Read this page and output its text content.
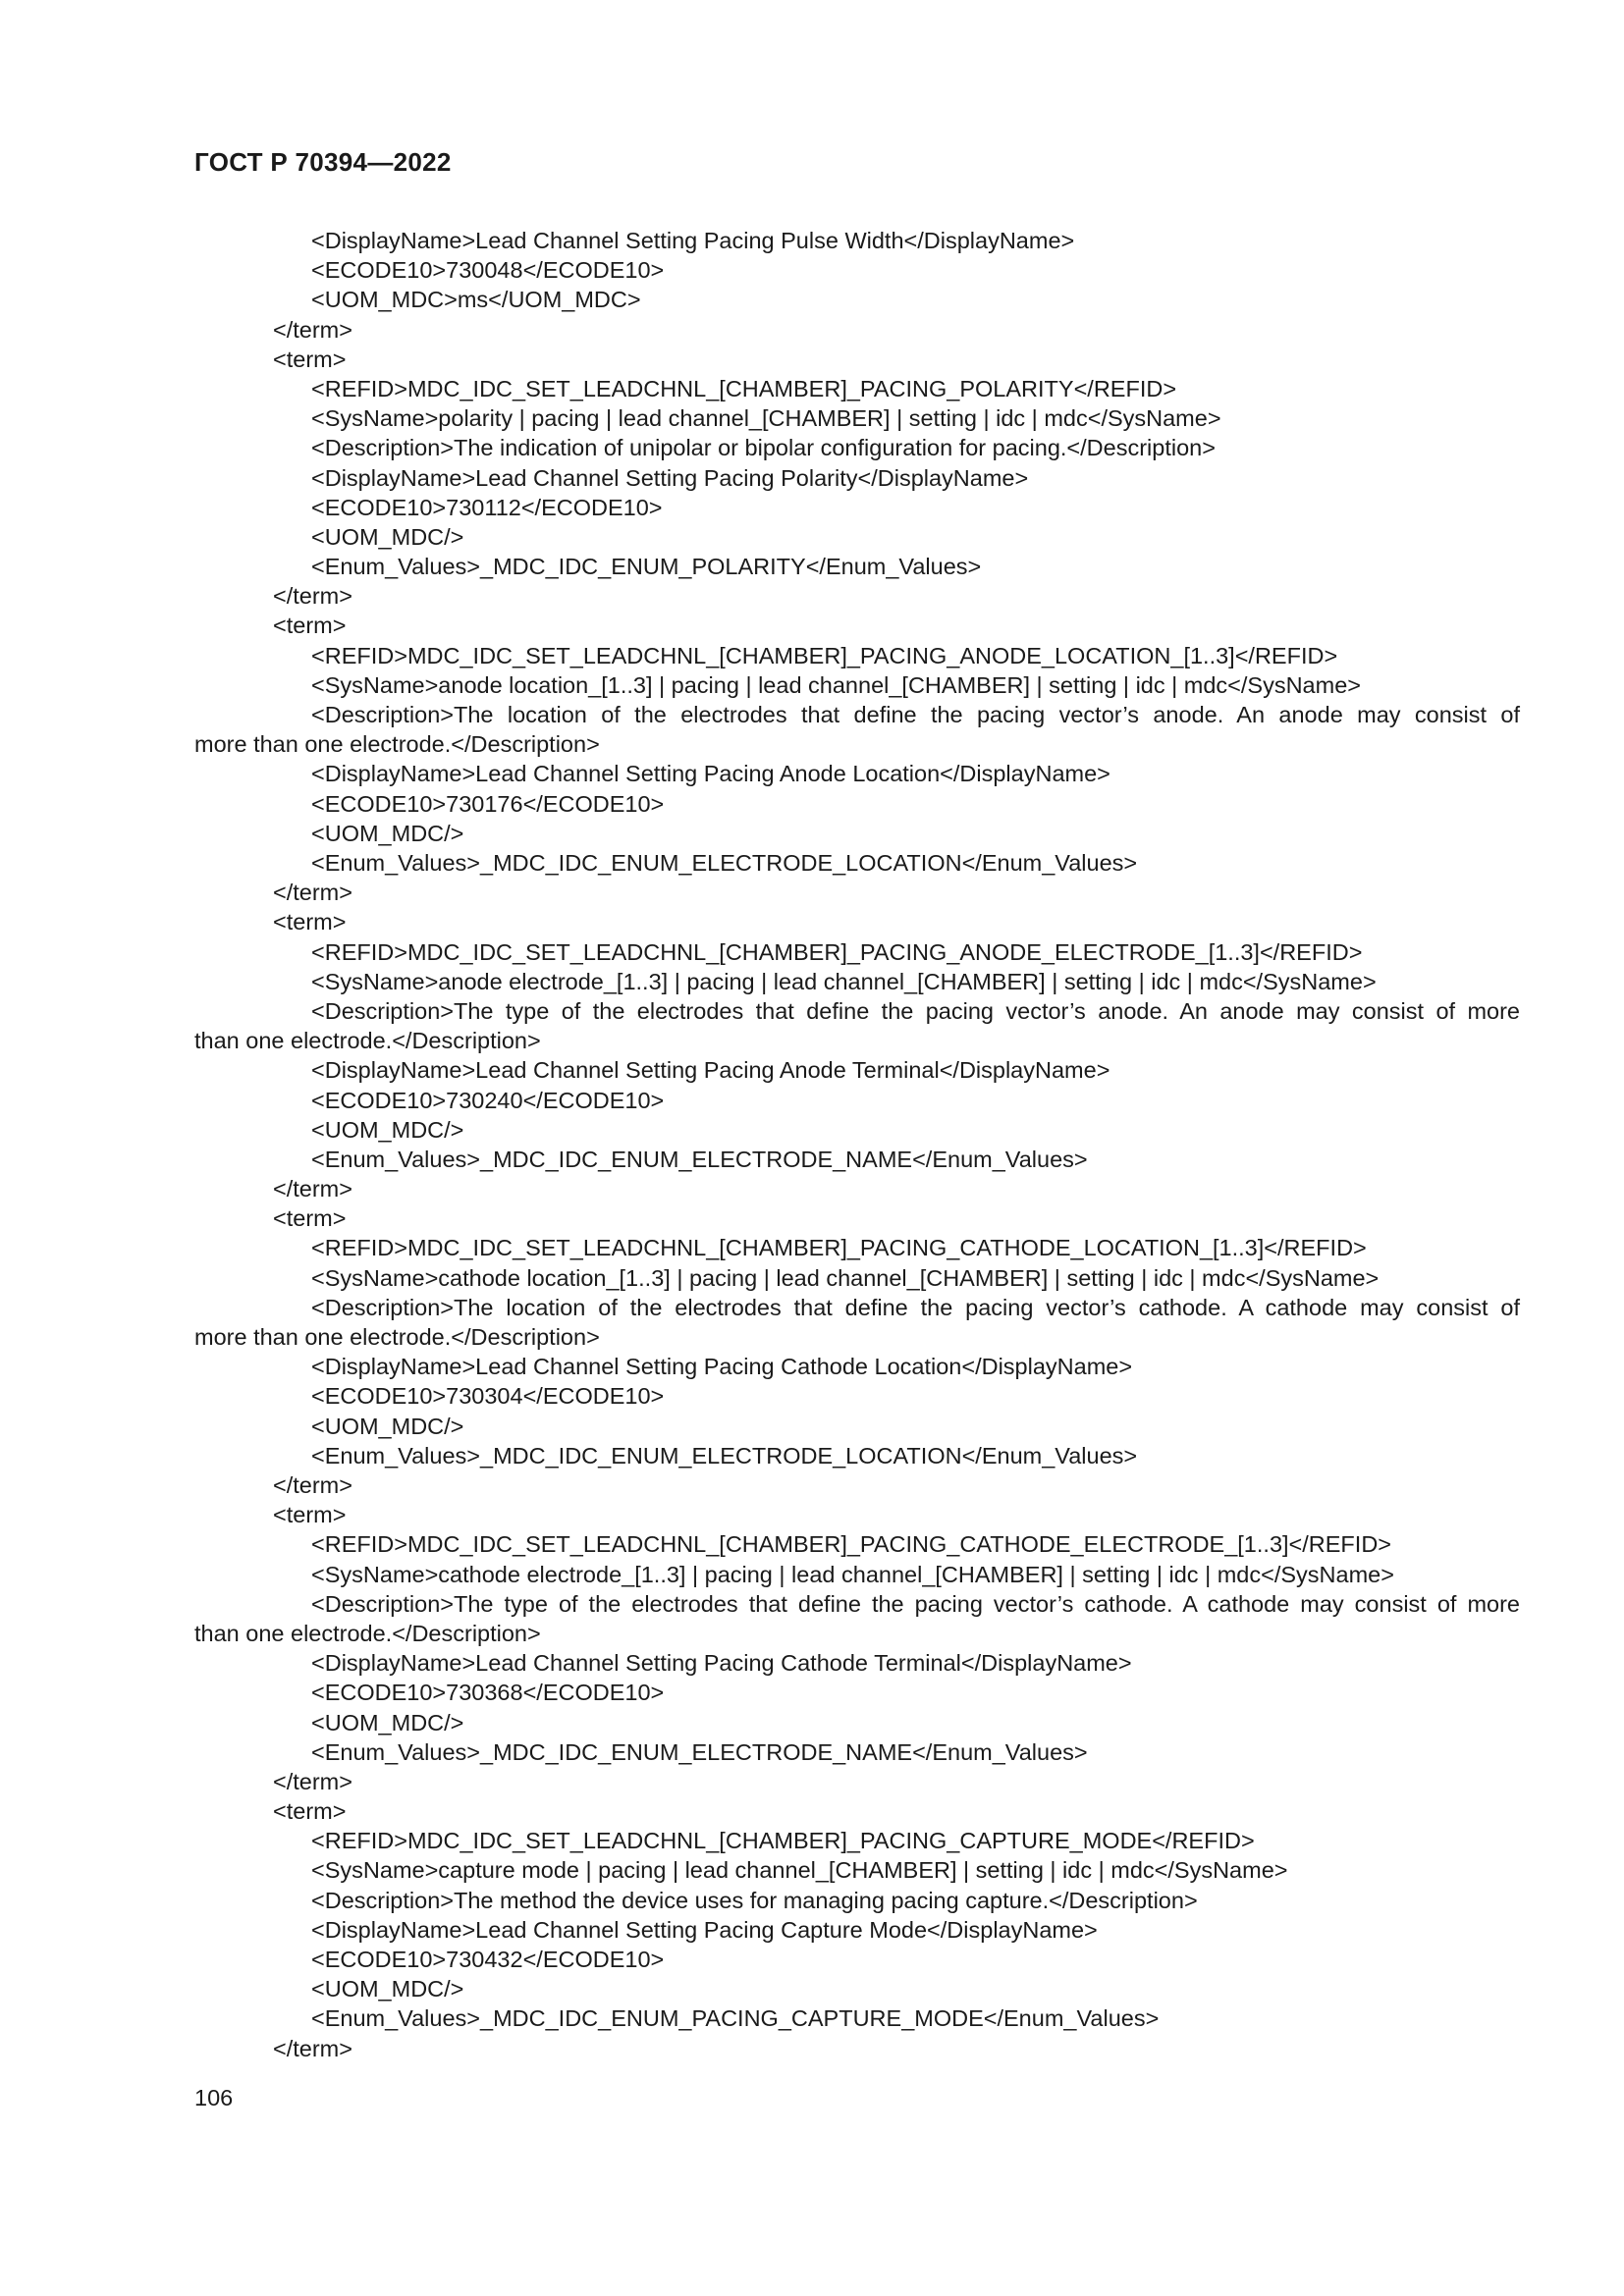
ГОСТ Р 70394—2022
<DisplayName>Lead Channel Setting Pacing Pulse Width</DisplayName>
<ECODE10>730048</ECODE10>
<UOM_MDC>ms</UOM_MDC>
</term>
<term>
<REFID>MDC_IDC_SET_LEADCHNL_[CHAMBER]_PACING_POLARITY</REFID>
<SysName>polarity | pacing | lead channel_[CHAMBER] | setting | idc | mdc</SysName>
<Description>The indication of unipolar or bipolar configuration for pacing.</Description>
<DisplayName>Lead Channel Setting Pacing Polarity</DisplayName>
<ECODE10>730112</ECODE10>
<UOM_MDC/>
<Enum_Values>_MDC_IDC_ENUM_POLARITY</Enum_Values>
</term>
<term>
<REFID>MDC_IDC_SET_LEADCHNL_[CHAMBER]_PACING_ANODE_LOCATION_[1..3]</REFID>
<SysName>anode location_[1..3] | pacing | lead channel_[CHAMBER] | setting | idc | mdc</SysName>
<Description>The location of the electrodes that define the pacing vector’s anode. An anode may consist of
more than one electrode.</Description>
<DisplayName>Lead Channel Setting Pacing Anode Location</DisplayName>
<ECODE10>730176</ECODE10>
<UOM_MDC/>
<Enum_Values>_MDC_IDC_ENUM_ELECTRODE_LOCATION</Enum_Values>
</term>
<term>
<REFID>MDC_IDC_SET_LEADCHNL_[CHAMBER]_PACING_ANODE_ELECTRODE_[1..3]</REFID>
<SysName>anode electrode_[1..3] | pacing | lead channel_[CHAMBER] | setting | idc | mdc</SysName>
<Description>The type of the electrodes that define the pacing vector’s anode. An anode may consist of more
than one electrode.</Description>
<DisplayName>Lead Channel Setting Pacing Anode Terminal</DisplayName>
<ECODE10>730240</ECODE10>
<UOM_MDC/>
<Enum_Values>_MDC_IDC_ENUM_ELECTRODE_NAME</Enum_Values>
</term>
<term>
<REFID>MDC_IDC_SET_LEADCHNL_[CHAMBER]_PACING_CATHODE_LOCATION_[1..3]</REFID>
<SysName>cathode location_[1..3] | pacing | lead channel_[CHAMBER] | setting | idc | mdc</SysName>
<Description>The location of the electrodes that define the pacing vector’s cathode. A cathode may consist of
more than one electrode.</Description>
<DisplayName>Lead Channel Setting Pacing Cathode Location</DisplayName>
<ECODE10>730304</ECODE10>
<UOM_MDC/>
<Enum_Values>_MDC_IDC_ENUM_ELECTRODE_LOCATION</Enum_Values>
</term>
<term>
<REFID>MDC_IDC_SET_LEADCHNL_[CHAMBER]_PACING_CATHODE_ELECTRODE_[1..3]</REFID>
<SysName>cathode electrode_[1..3] | pacing | lead channel_[CHAMBER] | setting | idc | mdc</SysName>
<Description>The type of the electrodes that define the pacing vector’s cathode. A cathode may consist of more
than one electrode.</Description>
<DisplayName>Lead Channel Setting Pacing Cathode Terminal</DisplayName>
<ECODE10>730368</ECODE10>
<UOM_MDC/>
<Enum_Values>_MDC_IDC_ENUM_ELECTRODE_NAME</Enum_Values>
</term>
<term>
<REFID>MDC_IDC_SET_LEADCHNL_[CHAMBER]_PACING_CAPTURE_MODE</REFID>
<SysName>capture mode | pacing | lead channel_[CHAMBER] | setting | idc | mdc</SysName>
<Description>The method the device uses for managing pacing capture.</Description>
<DisplayName>Lead Channel Setting Pacing Capture Mode</DisplayName>
<ECODE10>730432</ECODE10>
<UOM_MDC/>
<Enum_Values>_MDC_IDC_ENUM_PACING_CAPTURE_MODE</Enum_Values>
</term>
106
